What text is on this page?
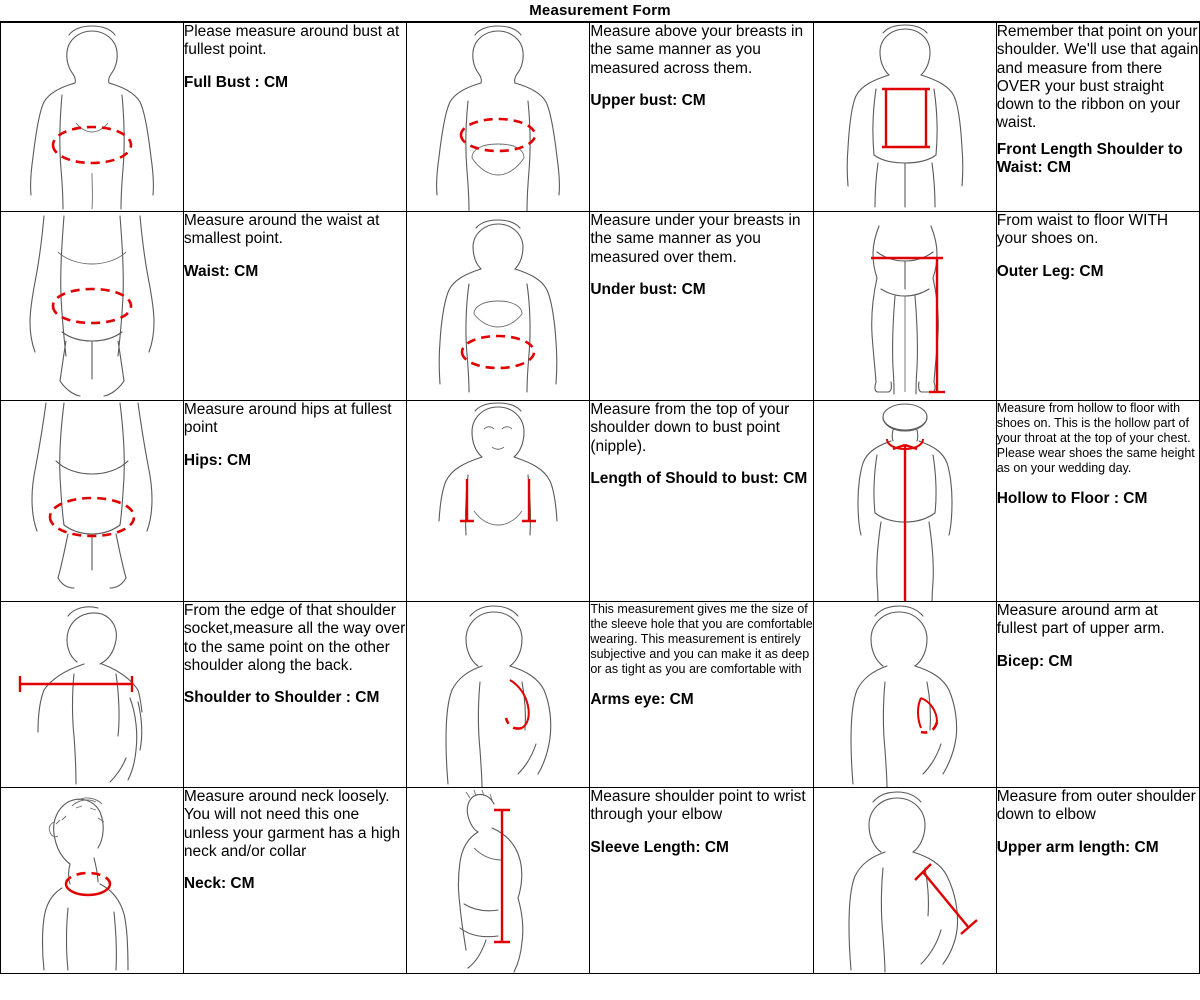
Measurement Form

Please measure around bust at fullest point.
Full Bust : CM

Measure above your breasts in the same manner as you measured across them.
Upper bust: CM

Remember that point on your shoulder. We'll use that again and measure from there OVER your bust straight down to the ribbon on your waist.
Front Length Shoulder to Waist: CM

Measure around the waist at smallest point.
Waist: CM

Measure under your breasts in the same manner as you measured over them.
Under bust: CM

From waist to floor WITH your shoes on.
Outer Leg: CM

Measure around hips at fullest point
Hips: CM

Measure from the top of your shoulder down to bust point (nipple).
Length of Should to bust: CM

Measure from hollow to floor with shoes on. This is the hollow part of your throat at the top of your chest. Please wear shoes the same height as on your wedding day.
Hollow to Floor : CM

From the edge of that shoulder socket,measure all the way over to the same point on the other shoulder along the back.
Shoulder to Shoulder : CM

This measurement gives me the size of the sleeve hole that you are comfortable wearing. This measurement is entirely subjective and you can make it as deep or as tight as you are comfortable with
Arms eye: CM

Measure around arm at fullest part of upper arm.
Bicep: CM

Measure around neck loosely. You will not need this one unless your garment has a high neck and/or collar
Neck: CM

Measure shoulder point to wrist through your elbow
Sleeve Length: CM

Measure from outer shoulder down to elbow
Upper arm length: CM
